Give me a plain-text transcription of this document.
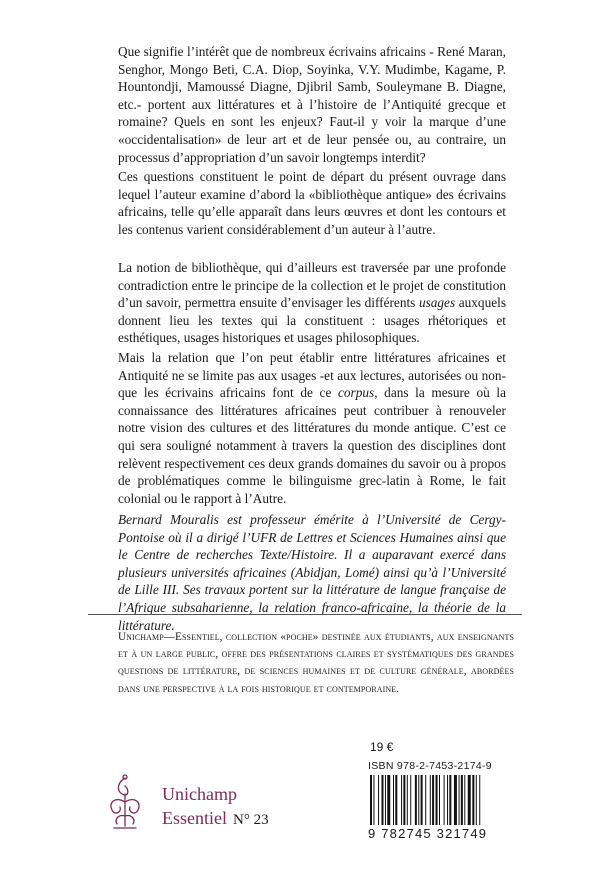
Que signifie l’intérêt que de nombreux écrivains africains - René Maran, Senghor, Mongo Beti, C.A. Diop, Soyinka, V.Y. Mudimbe, Kagame, P. Hountondji, Mamoussé Diagne, Djibril Samb, Souleymane B. Diagne, etc.- portent aux littératures et à l’histoire de l’Antiquité grecque et romaine? Quels en sont les enjeux? Faut-il y voir la marque d’une «occidentalisation» de leur art et de leur pensée ou, au contraire, un processus d’appropriation d’un savoir longtemps interdit?

Ces questions constituent le point de départ du présent ouvrage dans lequel l’auteur examine d’abord la «bibliothèque antique» des écrivains africains, telle qu’elle apparaît dans leurs œuvres et dont les contours et les contenus varient considérablement d’un auteur à l’autre.

La notion de bibliothèque, qui d’ailleurs est traversée par une profonde contradiction entre le principe de la collection et le projet de constitution d’un savoir, permettra ensuite d’envisager les différents usages auxquels donnent lieu les textes qui la constituent : usages rhétoriques et esthétiques, usages historiques et usages philosophiques.

Mais la relation que l’on peut établir entre littératures africaines et Antiquité ne se limite pas aux usages -et aux lectures, autorisées ou non- que les écrivains africains font de ce corpus, dans la mesure où la connaissance des littératures africaines peut contribuer à renouveler notre vision des cultures et des littératures du monde antique. C’est ce qui sera souligné notamment à travers la question des disciplines dont relèvent respectivement ces deux grands domaines du savoir ou à propos de problématiques comme le bilinguisme grec-latin à Rome, le fait colonial ou le rapport à l’Autre.

Bernard Mouralis est professeur émérite à l’Université de Cergy-Pontoise où il a dirigé l’UFR de Lettres et Sciences Humaines ainsi que le Centre de recherches Texte/Histoire. Il a auparavant exercé dans plusieurs universités africaines (Abidjan, Lomé) ainsi qu’à l’Université de Lille III. Ses travaux portent sur la littérature de langue française de l’Afrique subsaharienne, la relation franco-africaine, la théorie de la littérature.

Unichamp—Essentiel, collection «poche» destinée aux étudiants, aux enseignants et à un large public, offre des présentations claires et systématiques des grandes questions de littérature, de sciences humaines et de culture générale, abordées dans une perspective à la fois historique et contemporaine.

19 €
ISBN 978-2-7453-2174-9
9 782745 321749
Unichamp
Essentiel N° 23
